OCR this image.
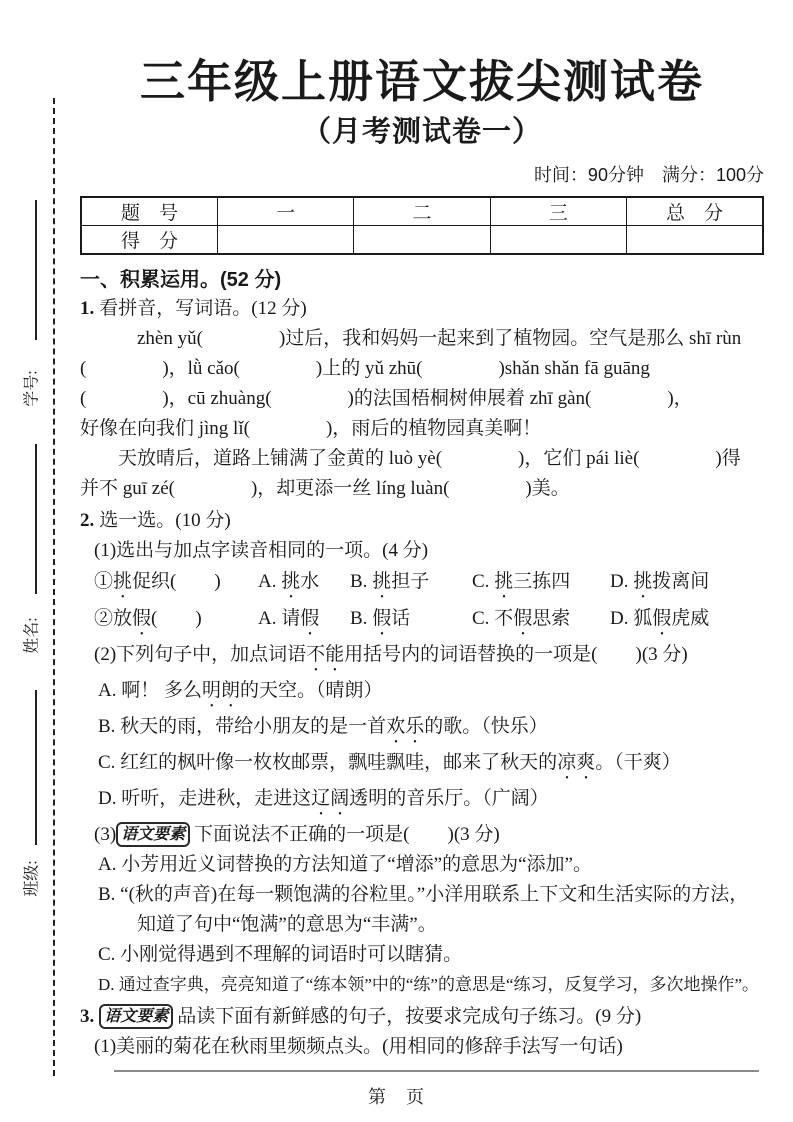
学号:
姓名:
班级:
三年级上册语文拔尖测试卷
（月考测试卷一）
时间：90分钟　满分：100分
题　号	一	二	三	总　分
得　分				
一、积累运用。(52 分)
1. 看拼音，写词语。(12 分)
　　　zhèn yǔ(　　　　)过后，我和妈妈一起来到了植物园。空气是那么 shī rùn
(　　　　)，lǜ cǎo(　　　　)上的 yǔ zhū(　　　　)shǎn shǎn fā guāng
(　　　　)，cū zhuàng(　　　　)的法国梧桐树伸展着 zhī gàn(　　　　)，
好像在向我们 jìng lǐ(　　　　)，雨后的植物园真美啊！
　　天放晴后，道路上铺满了金黄的 luò yè(　　　　)，它们 pái liè(　　　　)得
并不 guī zé(　　　　)，却更添一丝 líng luàn(　　　　)美。
2. 选一选。(10 分)
(1)选出与加点字读音相同的一项。(4 分)
①挑促织(　　)	A. 挑水	B. 挑担子	C. 挑三拣四	D. 挑拨离间
②放假(　　)	A. 请假	B. 假话	C. 不假思索	D. 狐假虎威
(2)下列句子中，加点词语不能用括号内的词语替换的一项是(　　)(3 分)
A. 啊！ 多么明朗的天空。（晴朗）
B. 秋天的雨，带给小朋友的是一首欢乐的歌。（快乐）
C. 红红的枫叶像一枚枚邮票，飘哇飘哇，邮来了秋天的凉爽。（干爽）
D. 听听，走进秋，走进这辽阔透明的音乐厅。（广阔）
(3) 语文要素 下面说法不正确的一项是(　　)(3 分)
A. 小芳用近义词替换的方法知道了“增添”的意思为“添加”。
B. “(秋的声音)在每一颗饱满的谷粒里。”小洋用联系上下文和生活实际的方法，
知道了句中“饱满”的意思为“丰满”。
C. 小刚觉得遇到不理解的词语时可以瞎猜。
D. 通过查字典，亮亮知道了“练本领”中的“练”的意思是“练习，反复学习，多次地操作”。
3. 语文要素 品读下面有新鲜感的句子，按要求完成句子练习。(9 分)
(1)美丽的菊花在秋雨里频频点头。(用相同的修辞手法写一句话)
第　页
